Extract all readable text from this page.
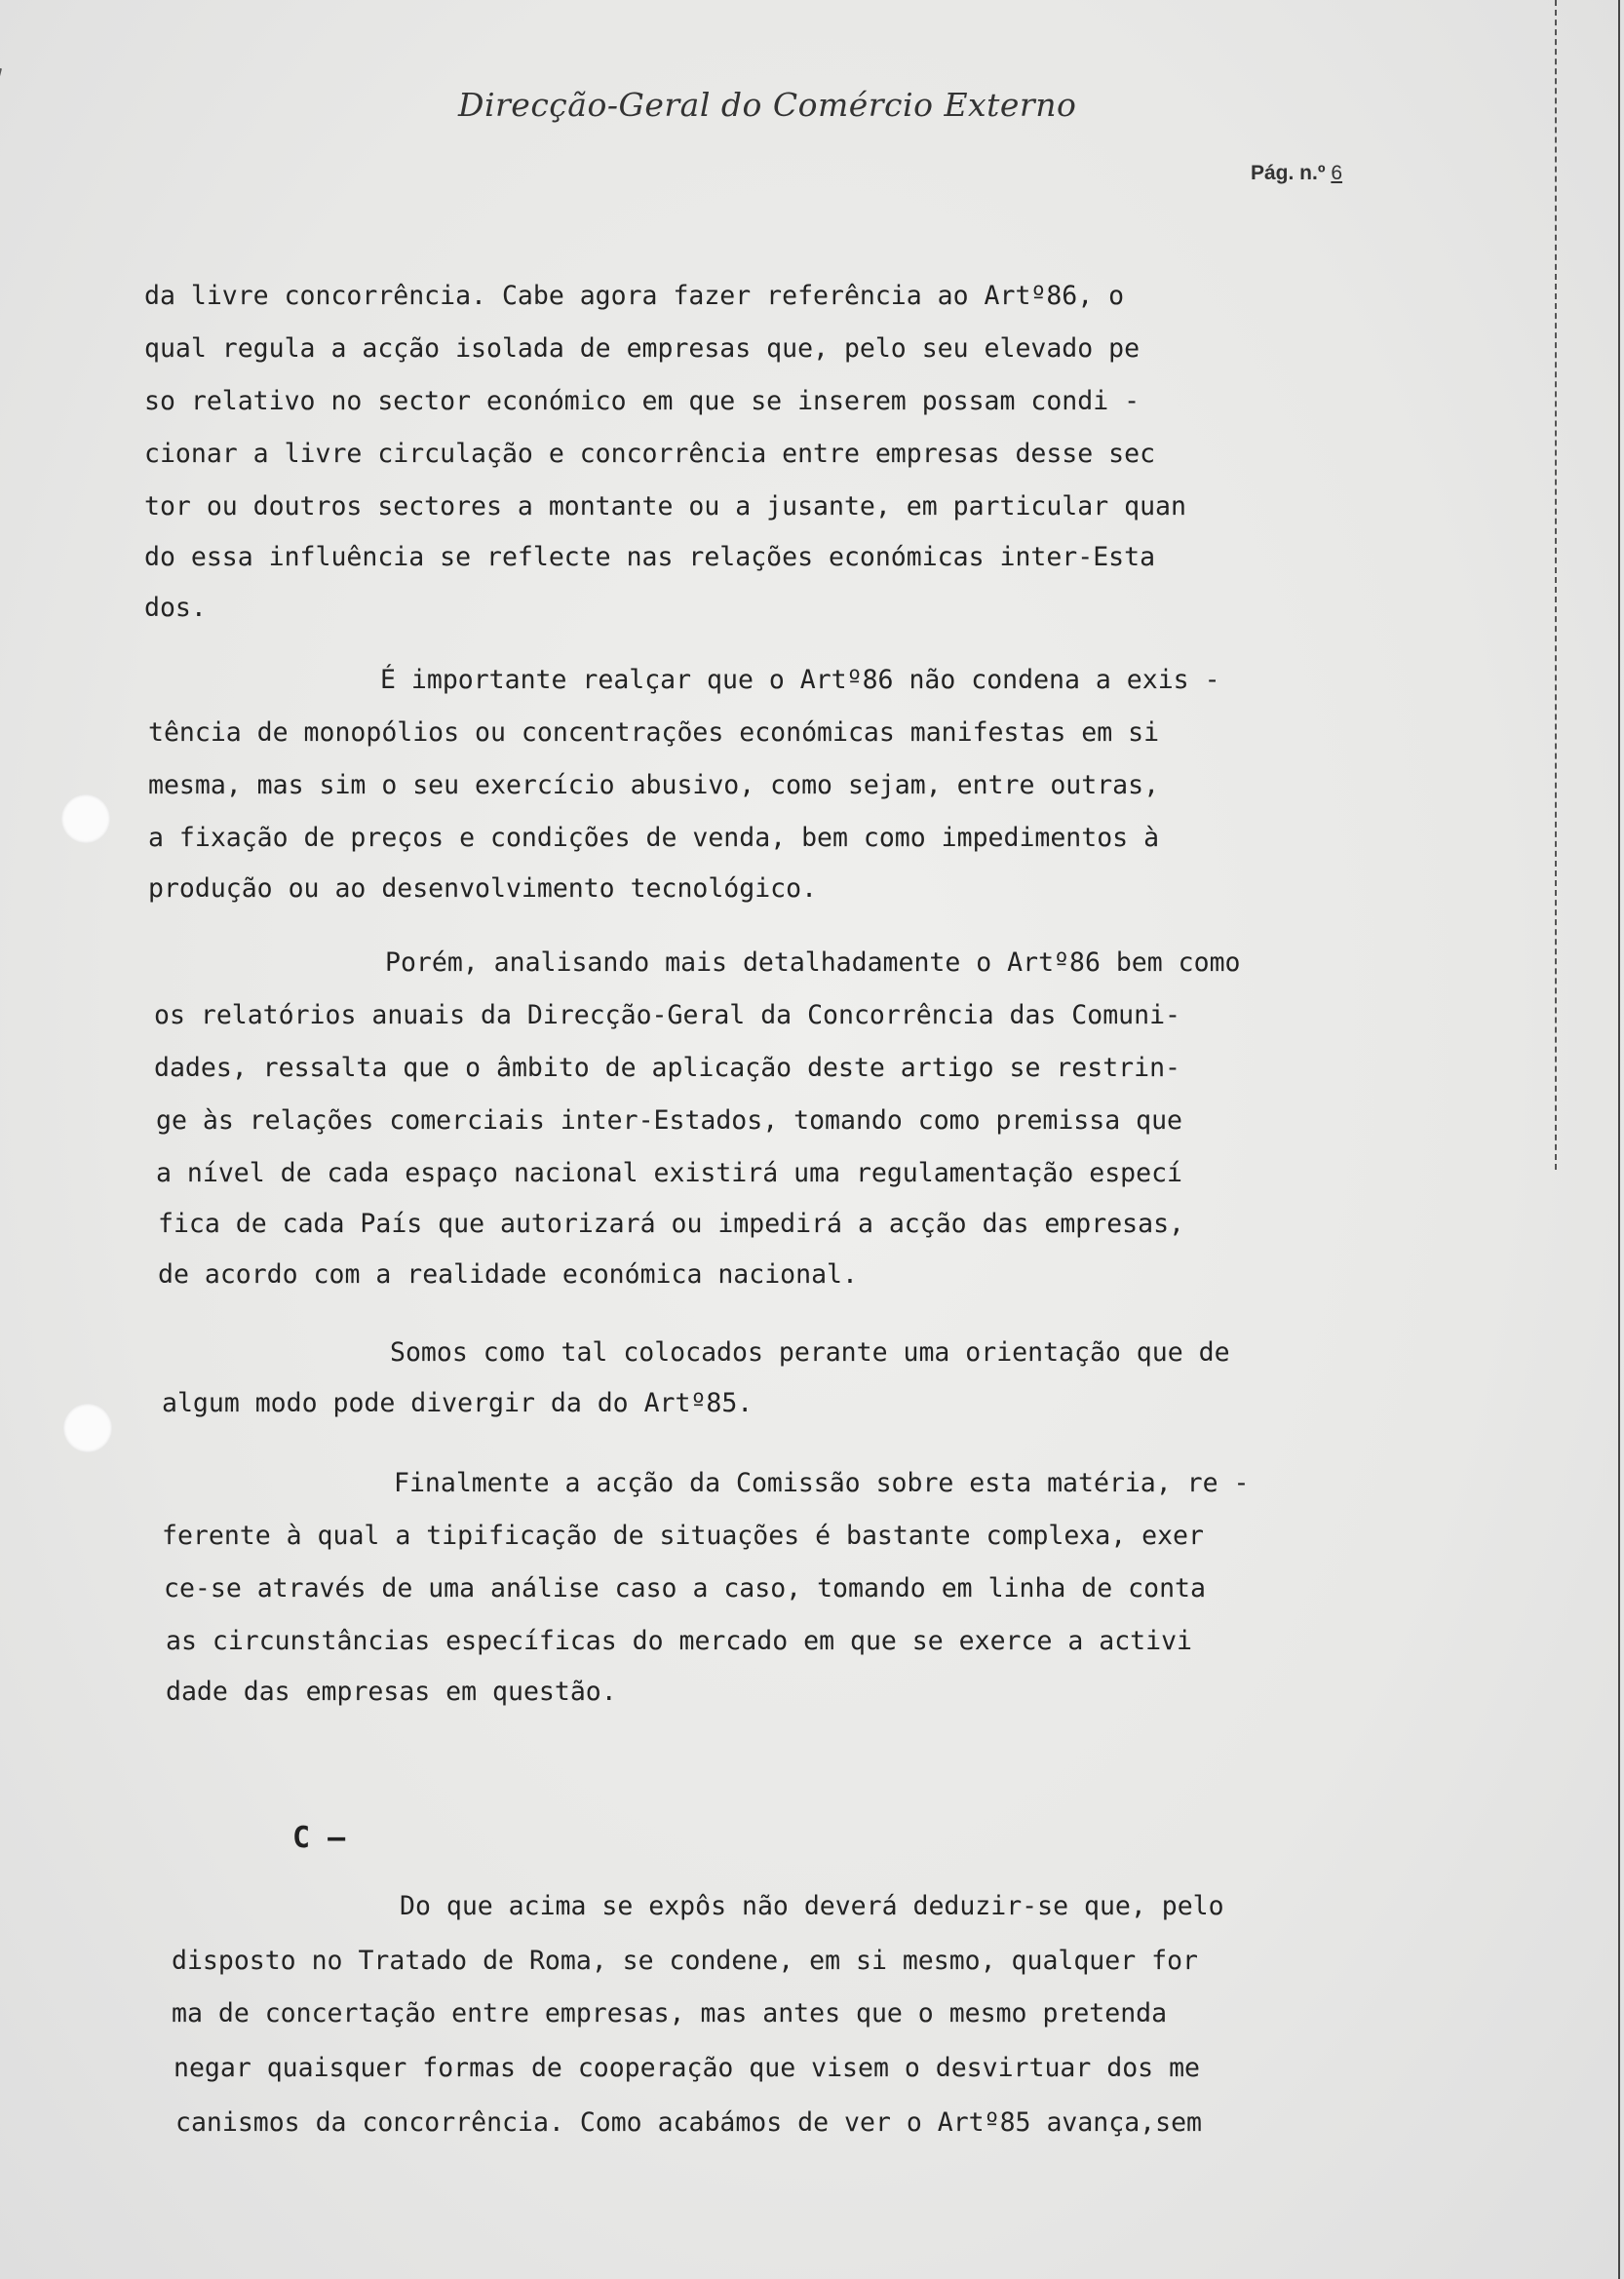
Direcção-Geral do Comércio Externo
Pág. n.º 6
da livre concorrência. Cabe agora fazer referência ao Artº86, o
qual regula a acção isolada de empresas que, pelo seu elevado pe
so relativo no sector económico em que se inserem possam condi -
cionar a livre circulação e concorrência entre empresas desse sec
tor ou doutros sectores a montante ou a jusante, em particular quan
do essa influência se reflecte nas relações económicas inter-Esta
dos.
É importante realçar que o Artº86 não condena a exis -
tência de monopólios ou concentrações económicas manifestas em si
mesma, mas sim o seu exercício abusivo, como sejam, entre outras,
a fixação de preços e condições de venda, bem como impedimentos à
produção ou ao desenvolvimento tecnológico.
Porém, analisando mais detalhadamente o Artº86 bem como
os relatórios anuais da Direcção-Geral da Concorrência das Comuni-
dades, ressalta que o âmbito de aplicação deste artigo se restrin-
ge às relações comerciais inter-Estados, tomando como premissa que
a nível de cada espaço nacional existirá uma regulamentação especí
fica de cada País que autorizará ou impedirá a acção das empresas,
de acordo com a realidade económica nacional.
Somos como tal colocados perante uma orientação que de
algum modo pode divergir da do Artº85.
Finalmente a acção da Comissão sobre esta matéria, re -
ferente à qual a tipificação de situações é bastante complexa, exer
ce-se através de uma análise caso a caso, tomando em linha de conta
as circunstâncias específicas do mercado em que se exerce a activi
dade das empresas em questão.
C —
Do que acima se expôs não deverá deduzir-se que, pelo
disposto no Tratado de Roma, se condene, em si mesmo, qualquer for
ma de concertação entre empresas, mas antes que o mesmo pretenda
negar quaisquer formas de cooperação que visem o desvirtuar dos me
canismos da concorrência. Como acabámos de ver o Artº85 avança,sem
